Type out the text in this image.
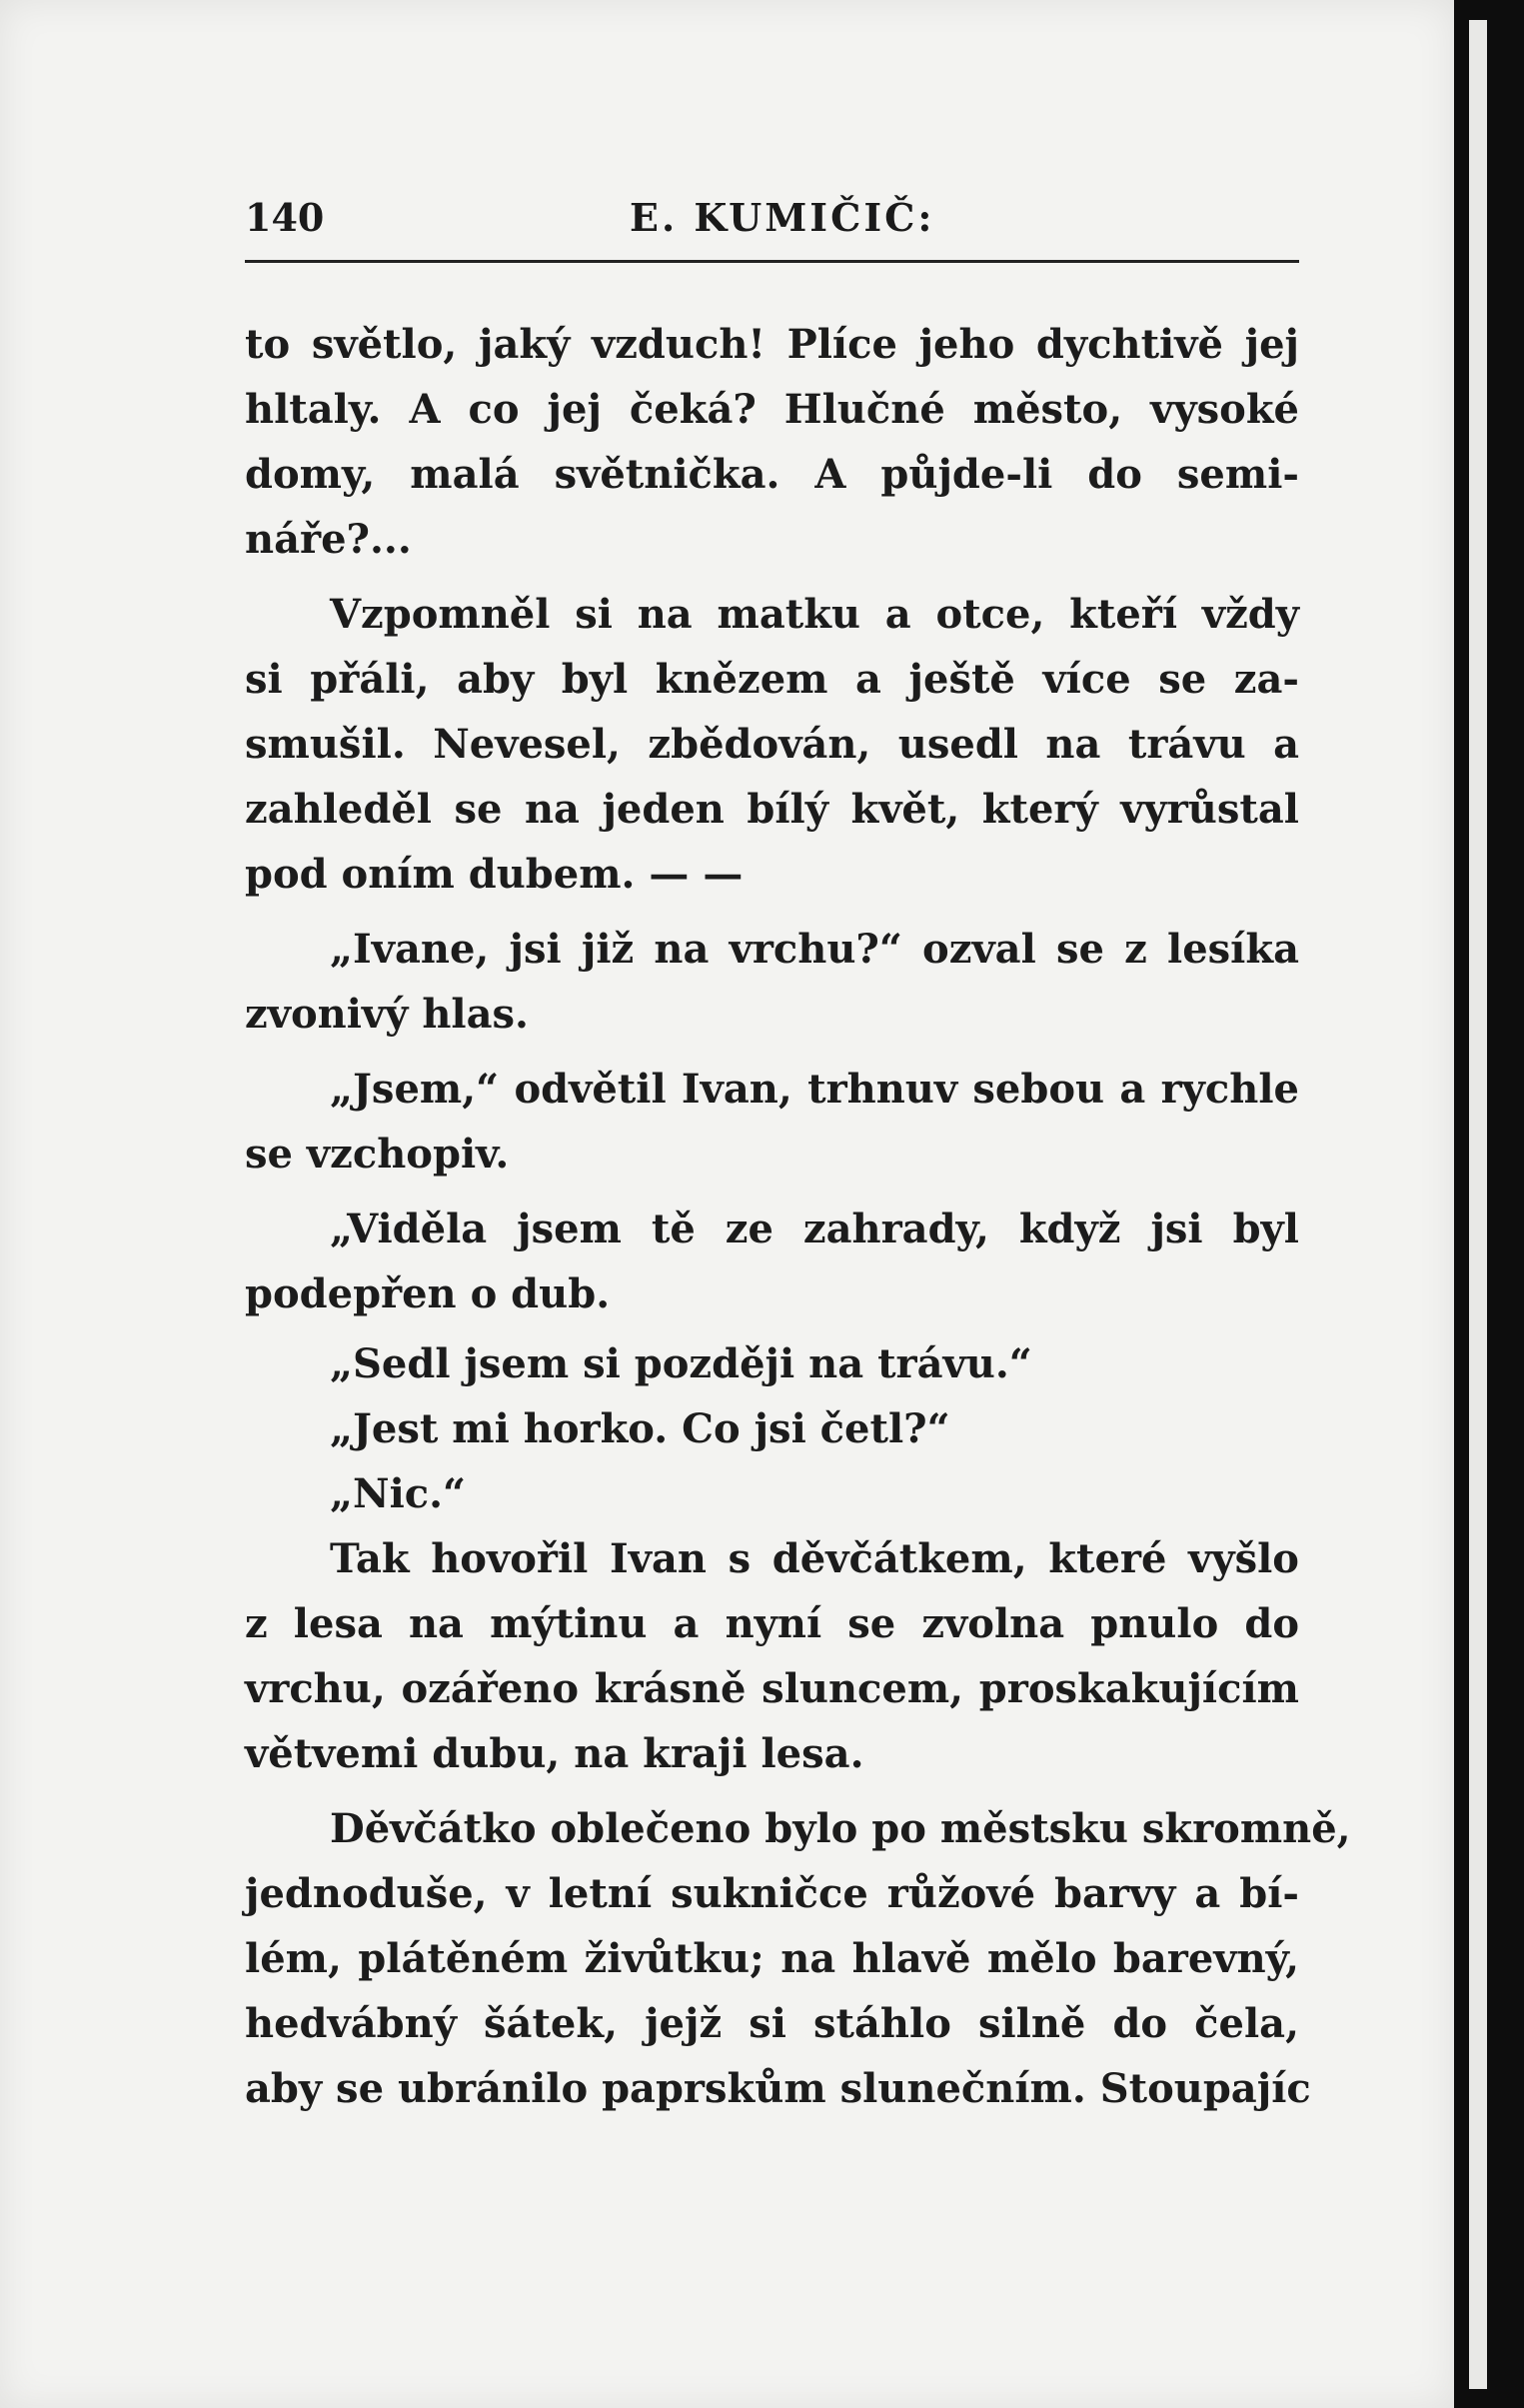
140	E. KUMIČIČ:
to světlo, jaký vzduch! Plíce jeho dychtivě jej
hltaly. A co jej čeká? Hlučné město, vysoké
domy, malá světnička. A půjde-li do semi-
náře?...
Vzpomněl si na matku a otce, kteří vždy
si přáli, aby byl knězem a ještě více se za-
smušil. Nevesel, zbědován, usedl na trávu a
zahleděl se na jeden bílý květ, který vyrůstal
pod oním dubem. — —
„Ivane, jsi již na vrchu?“ ozval se z lesíka
zvonivý hlas.
„Jsem,“ odvětil Ivan, trhnuv sebou a rychle
se vzchopiv.
„Viděla jsem tě ze zahrady, když jsi byl
podepřen o dub.
„Sedl jsem si později na trávu.“
„Jest mi horko. Co jsi četl?“
„Nic.“
Tak hovořil Ivan s děvčátkem, které vyšlo
z lesa na mýtinu a nyní se zvolna pnulo do
vrchu, ozářeno krásně sluncem, proskakujícím
větvemi dubu, na kraji lesa.
Děvčátko oblečeno bylo po městsku skromně,
jednoduše, v letní sukničce růžové barvy a bí-
lém, plátěném živůtku; na hlavě mělo barevný,
hedvábný šátek, jejž si stáhlo silně do čela,
aby se ubránilo paprskům slunečním. Stoupajíc
